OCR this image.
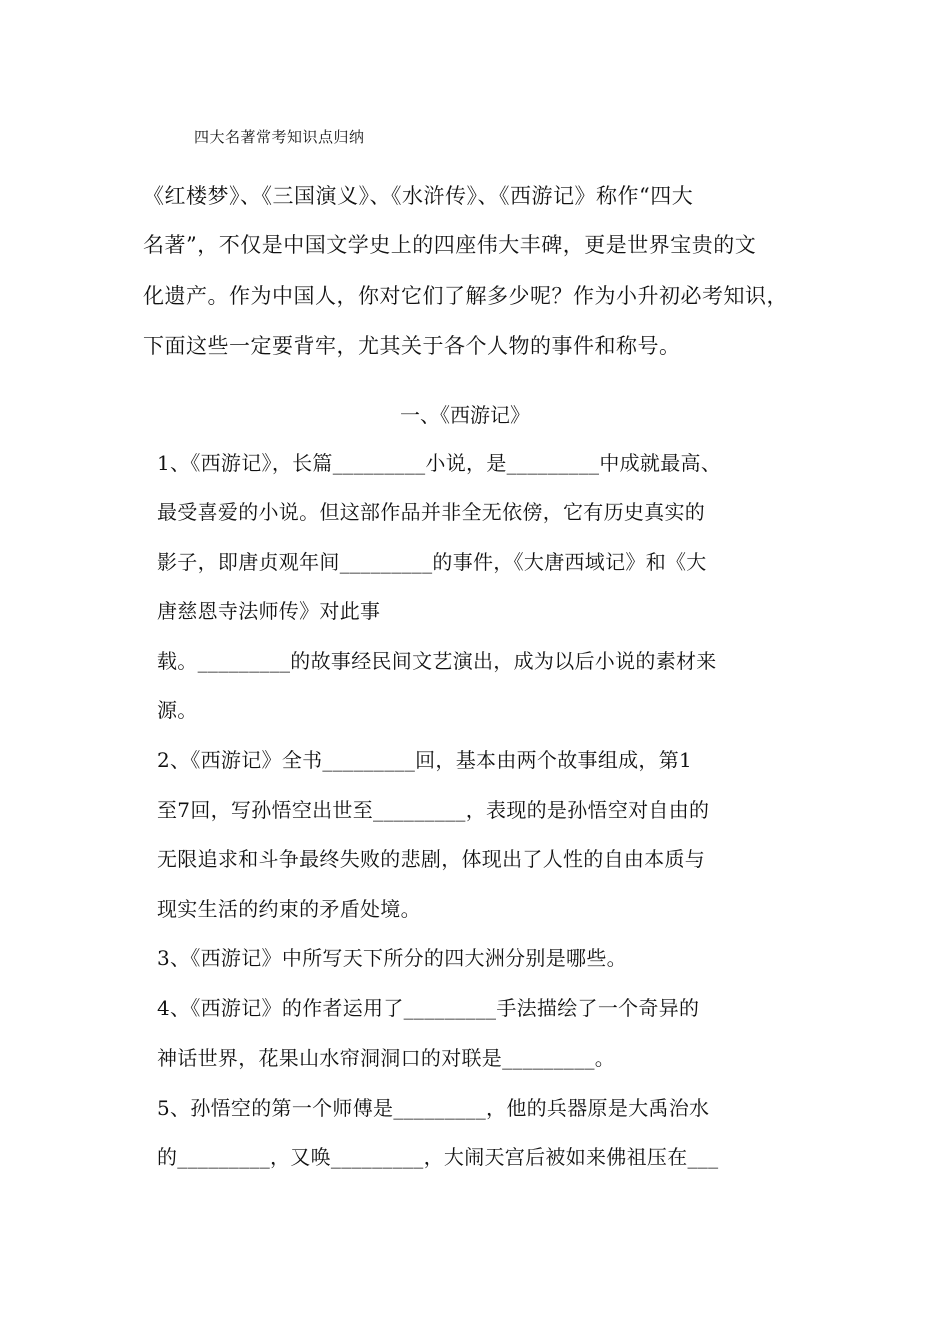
四大名著常考知识点归纳
《红楼梦》、《三国演义》、《水浒传》、《西游记》称作“四大
名著”，不仅是中国文学史上的四座伟大丰碑，更是世界宝贵的文
化遗产。作为中国人，你对它们了解多少呢？作为小升初必考知识，
下面这些一定要背牢，尤其关于各个人物的事件和称号。
一、《西游记》
1、《西游记》，长篇_________小说，是_________中成就最高、
最受喜爱的小说。但这部作品并非全无依傍，它有历史真实的
影子，即唐贞观年间_________的事件，《大唐西域记》和《大
唐慈恩寺法师传》对此事
载。_________的故事经民间文艺演出，成为以后小说的素材来
源。
2、《西游记》全书_________回，基本由两个故事组成，第1
至7回，写孙悟空出世至_________，表现的是孙悟空对自由的
无限追求和斗争最终失败的悲剧，体现出了人性的自由本质与
现实生活的约束的矛盾处境。
3、《西游记》中所写天下所分的四大洲分别是哪些。
4、《西游记》的作者运用了_________手法描绘了一个奇异的
神话世界，花果山水帘洞洞口的对联是_________。
5、孙悟空的第一个师傅是_________，他的兵器原是大禹治水
的_________，又唤_________，大闹天宫后被如来佛祖压在___
